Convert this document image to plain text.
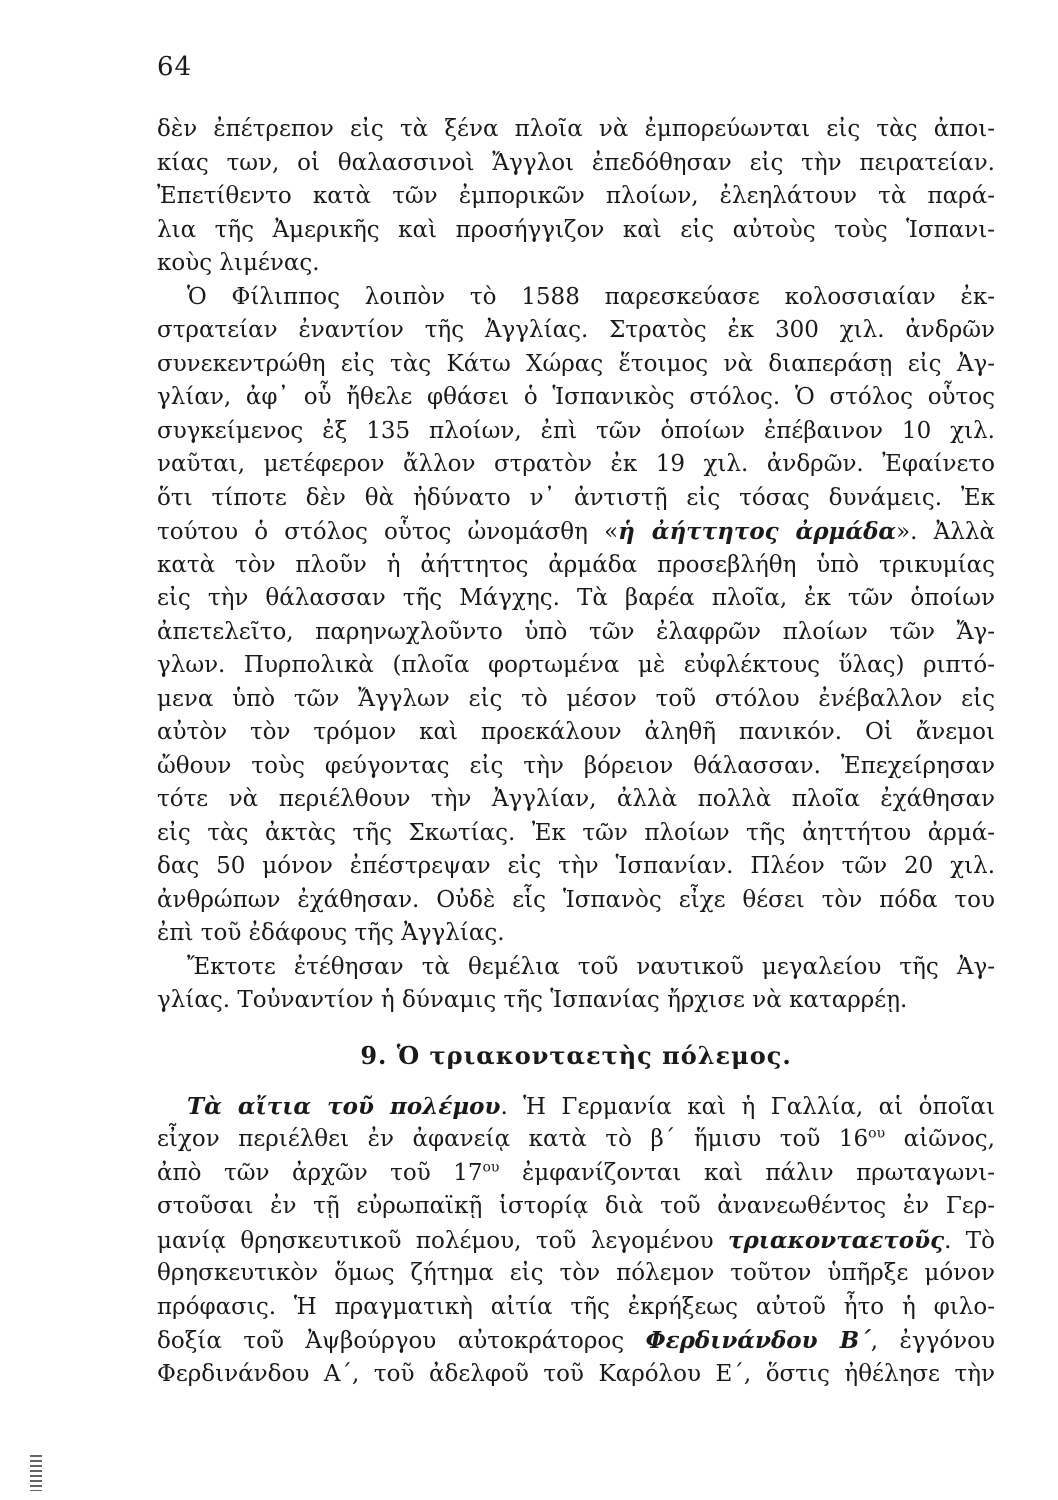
64
δὲν ἐπέτρεπον εἰς τὰ ξένα πλοῖα νὰ ἐμπορεύωνται εἰς τὰς ἀποι-
κίας των, οἱ θαλασσινοὶ Ἄγγλοι ἐπεδόθησαν εἰς τὴν πειρατείαν.
Ἐπετίθεντο κατὰ τῶν ἐμπορικῶν πλοίων, ἐλεηλάτουν τὰ παρά-
λια τῆς Ἀμερικῆς καὶ προσήγγιζον καὶ εἰς αὐτοὺς τοὺς Ἱσπανι-
κοὺς λιμένας.
Ὁ Φίλιππος λοιπὸν τὸ 1588 παρεσκεύασε κολοσσιαίαν ἐκ-
στρατείαν ἐναντίον τῆς Ἀγγλίας. Στρατὸς ἐκ 300 χιλ. ἀνδρῶν
συνεκεντρώθη εἰς τὰς Κάτω Χώρας ἕτοιμος νὰ διαπεράσῃ εἰς Ἀγ-
γλίαν, ἀφ᾽ οὗ ἤθελε φθάσει ὁ Ἱσπανικὸς στόλος. Ὁ στόλος οὗτος
συγκείμενος ἐξ 135 πλοίων, ἐπὶ τῶν ὁποίων ἐπέβαινον 10 χιλ.
ναῦται, μετέφερον ἄλλον στρατὸν ἐκ 19 χιλ. ἀνδρῶν. Ἐφαίνετο
ὅτι τίποτε δὲν θὰ ἠδύνατο ν᾽ ἀντιστῇ εἰς τόσας δυνάμεις. Ἐκ
τούτου ὁ στόλος οὗτος ὠνομάσθη «ἡ ἀήττητος ἀρμάδα». Ἀλλὰ
κατὰ τὸν πλοῦν ἡ ἀήττητος ἀρμάδα προσεβλήθη ὑπὸ τρικυμίας
εἰς τὴν θάλασσαν τῆς Μάγχης. Τὰ βαρέα πλοῖα, ἐκ τῶν ὁποίων
ἀπετελεῖτο, παρηνωχλοῦντο ὑπὸ τῶν ἐλαφρῶν πλοίων τῶν Ἄγ-
γλων. Πυρπολικὰ (πλοῖα φορτωμένα μὲ εὐφλέκτους ὕλας) ριπτό-
μενα ὑπὸ τῶν Ἄγγλων εἰς τὸ μέσον τοῦ στόλου ἐνέβαλλον εἰς
αὐτὸν τὸν τρόμον καὶ προεκάλουν ἀληθῆ πανικόν. Οἱ ἄνεμοι
ὤθουν τοὺς φεύγοντας εἰς τὴν βόρειον θάλασσαν. Ἐπεχείρησαν
τότε νὰ περιέλθουν τὴν Ἀγγλίαν, ἀλλὰ πολλὰ πλοῖα ἐχάθησαν
εἰς τὰς ἀκτὰς τῆς Σκωτίας. Ἐκ τῶν πλοίων τῆς ἀηττήτου ἀρμά-
δας 50 μόνον ἐπέστρεψαν εἰς τὴν Ἱσπανίαν. Πλέον τῶν 20 χιλ.
ἀνθρώπων ἐχάθησαν. Οὐδὲ εἷς Ἱσπανὸς εἶχε θέσει τὸν πόδα του
ἐπὶ τοῦ ἐδάφους τῆς Ἀγγλίας.
Ἔκτοτε ἐτέθησαν τὰ θεμέλια τοῦ ναυτικοῦ μεγαλείου τῆς Ἀγ-
γλίας. Τοὐναντίον ἡ δύναμις τῆς Ἱσπανίας ἤρχισε νὰ καταρρέῃ.
9. Ὁ τριακονταετὴς πόλεμος.
Τὰ αἴτια τοῦ πολέμου. Ἡ Γερμανία καὶ ἡ Γαλλία, αἱ ὁποῖαι
εἶχον περιέλθει ἐν ἀφανείᾳ κατὰ τὸ β΄ ἥμισυ τοῦ $16^{o\upsilon}$ αἰῶνος,
ἀπὸ τῶν ἀρχῶν τοῦ $17^{o\upsilon}$ ἐμφανίζονται καὶ πάλιν πρωταγωνι-
στοῦσαι ἐν τῇ εὐρωπαϊκῇ ἱστορίᾳ διὰ τοῦ ἀνανεωθέντος ἐν Γερ-
μανίᾳ θρησκευτικοῦ πολέμου, τοῦ λεγομένου τριακονταετοῦς. Τὸ
θρησκευτικὸν ὅμως ζήτημα εἰς τὸν πόλεμον τοῦτον ὑπῆρξε μόνον
πρόφασις. Ἡ πραγματικὴ αἰτία τῆς ἐκρήξεως αὐτοῦ ἦτο ἡ φιλο-
δοξία τοῦ Ἀψβούργου αὐτοκράτορος Φερδινάνδου Β΄, ἐγγόνου
Φερδινάνδου Α΄, τοῦ ἀδελφοῦ τοῦ Καρόλου Ε΄, ὅστις ἠθέλησε τὴν
